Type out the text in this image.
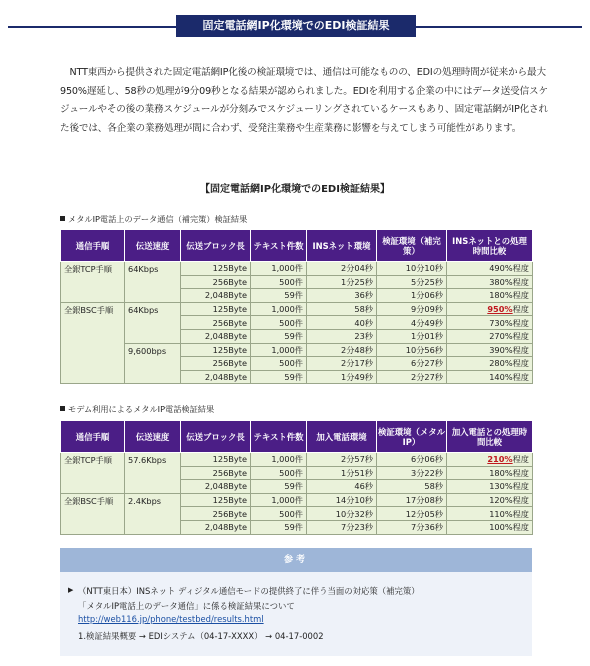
固定電話網IP化環境でのEDI検証結果

　NTT東西から提供された固定電話網IP化後の検証環境では、通信は可能なものの、EDIの処理時間が従来から最大950%遅延し、58秒の処理が9分09秒となる結果が認められました。EDIを利用する企業の中にはデータ送受信スケジュールやその後の業務スケジュールが分刻みでスケジューリングされているケースもあり、固定電話網がIP化された後では、各企業の業務処理が間に合わず、受発注業務や生産業務に影響を与えてしまう可能性があります。

【固定電話網IP化環境でのEDI検証結果】
メタルIP電話上のデータ通信（補完策）検証結果
通信手順	伝送速度	伝送ブロック長	テキスト件数	INSネット環境	検証環境（補完策）	INSネットとの処理時間比較
全銀TCP手順	64Kbps	125Byte	1,000件	2分04秒	10分10秒	490%程度
		256Byte	500件	1分25秒	5分25秒	380%程度
		2,048Byte	59件	36秒	1分06秒	180%程度
全銀BSC手順	64Kbps	125Byte	1,000件	58秒	9分09秒	950%程度
		256Byte	500件	40秒	4分49秒	730%程度
		2,048Byte	59件	23秒	1分01秒	270%程度
	9,600bps	125Byte	1,000件	2分48秒	10分56秒	390%程度
		256Byte	500件	2分17秒	6分27秒	280%程度
		2,048Byte	59件	1分49秒	2分27秒	140%程度
モデム利用によるメタルIP電話検証結果
通信手順	伝送速度	伝送ブロック長	テキスト件数	加入電話環境	検証環境（メタルIP）	加入電話との処理時間比較
全銀TCP手順	57.6Kbps	125Byte	1,000件	2分57秒	6分06秒	210%程度
		256Byte	500件	1分51秒	3分22秒	180%程度
		2,048Byte	59件	46秒	58秒	130%程度
全銀BSC手順	2.4Kbps	125Byte	1,000件	14分10秒	17分08秒	120%程度
		256Byte	500件	10分32秒	12分05秒	110%程度
		2,048Byte	59件	7分23秒	7分36秒	100%程度
参考
▶ （NTT東日本）INSネット ディジタル通信モードの提供終了に伴う当面の対応策（補完策）
「メタルIP電話上のデータ通信」に係る検証結果について
http://web116.jp/phone/testbed/results.html
1.検証結果概要 → EDIシステム（04-17-XXXX） → 04-17-0002
